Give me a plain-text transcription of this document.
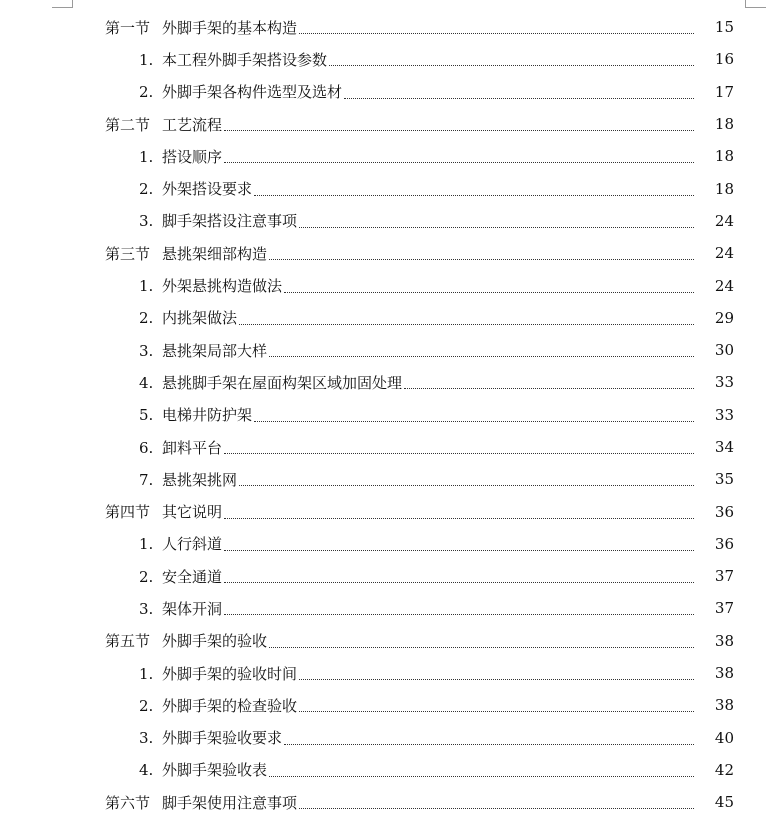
第一节 外脚手架的基本构造	15
1. 本工程外脚手架搭设参数	16
2. 外脚手架各构件选型及选材	17
第二节 工艺流程	18
1. 搭设顺序	18
2. 外架搭设要求	18
3. 脚手架搭设注意事项	24
第三节 悬挑架细部构造	24
1. 外架悬挑构造做法	24
2. 内挑架做法	29
3. 悬挑架局部大样	30
4. 悬挑脚手架在屋面构架区域加固处理	33
5. 电梯井防护架	33
6. 卸料平台	34
7. 悬挑架挑网	35
第四节 其它说明	36
1. 人行斜道	36
2. 安全通道	37
3. 架体开洞	37
第五节 外脚手架的验收	38
1. 外脚手架的验收时间	38
2. 外脚手架的检查验收	38
3. 外脚手架验收要求	40
4. 外脚手架验收表	42
第六节 脚手架使用注意事项	45
